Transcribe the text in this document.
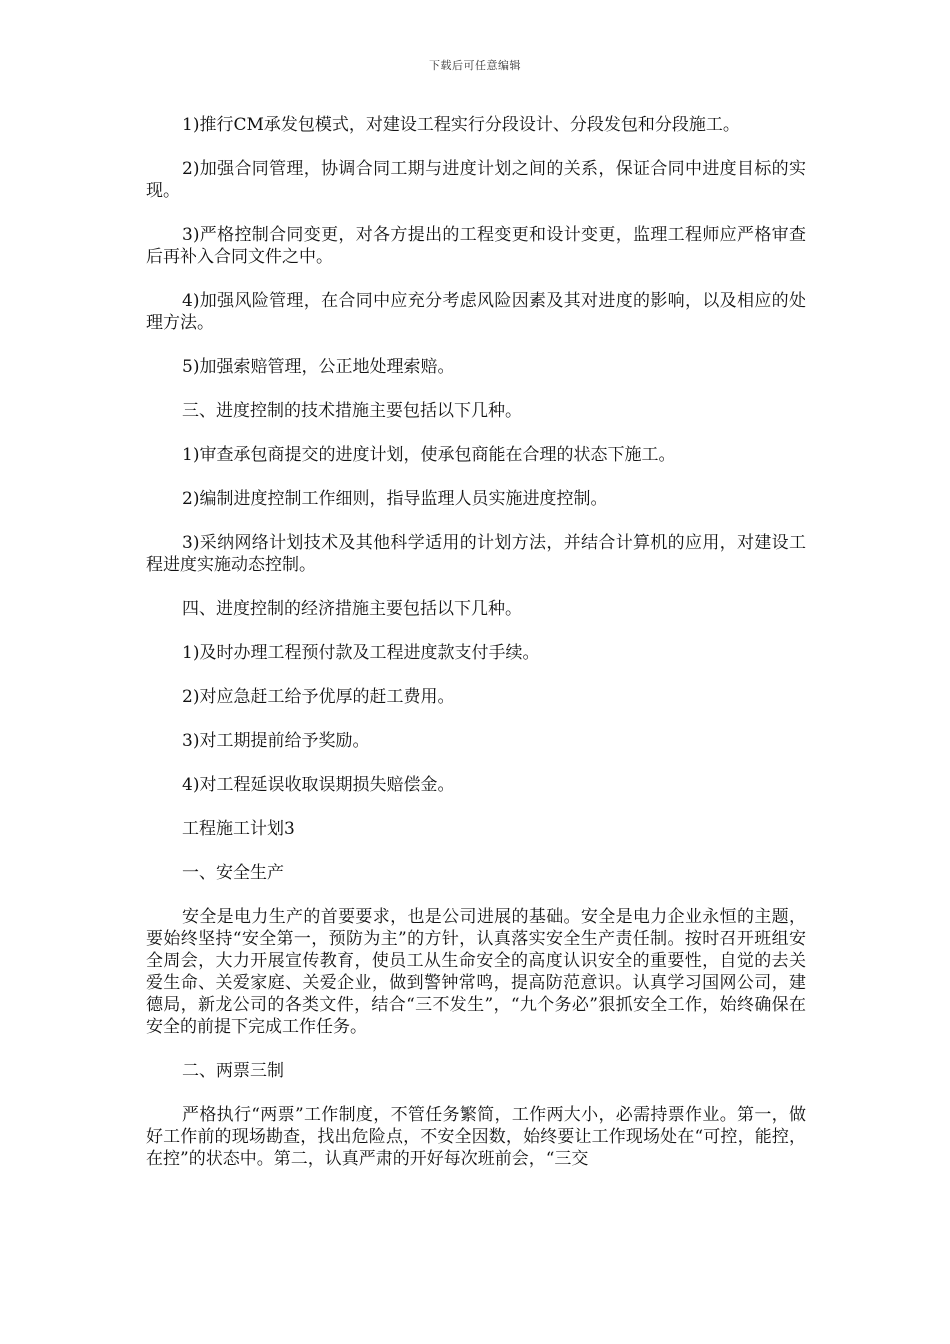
下载后可任意编辑

1)推行CM承发包模式，对建设工程实行分段设计、分段发包和分段施工。

2)加强合同管理，协调合同工期与进度计划之间的关系，保证合同中进度目标的实现。

3)严格控制合同变更，对各方提出的工程变更和设计变更，监理工程师应严格审查后再补入合同文件之中。

4)加强风险管理，在合同中应充分考虑风险因素及其对进度的影响，以及相应的处理方法。

5)加强索赔管理，公正地处理索赔。

三、进度控制的技术措施主要包括以下几种。

1)审查承包商提交的进度计划，使承包商能在合理的状态下施工。

2)编制进度控制工作细则，指导监理人员实施进度控制。

3)采纳网络计划技术及其他科学适用的计划方法，并结合计算机的应用，对建设工程进度实施动态控制。

四、进度控制的经济措施主要包括以下几种。

1)及时办理工程预付款及工程进度款支付手续。

2)对应急赶工给予优厚的赶工费用。

3)对工期提前给予奖励。

4)对工程延误收取误期损失赔偿金。

工程施工计划3

一、安全生产

安全是电力生产的首要要求，也是公司进展的基础。安全是电力企业永恒的主题，要始终坚持“安全第一，预防为主”的方针，认真落实安全生产责任制。按时召开班组安全周会，大力开展宣传教育，使员工从生命安全的高度认识安全的重要性，自觉的去关爱生命、关爱家庭、关爱企业，做到警钟常鸣，提高防范意识。认真学习国网公司，建德局，新龙公司的各类文件，结合“三不发生”，“九个务必”狠抓安全工作，始终确保在安全的前提下完成工作任务。

二、两票三制

严格执行“两票”工作制度，不管任务繁简，工作两大小，必需持票作业。第一，做好工作前的现场勘查，找出危险点，不安全因数，始终要让工作现场处在“可控，能控，在控”的状态中。第二，认真严肃的开好每次班前会，“三交
